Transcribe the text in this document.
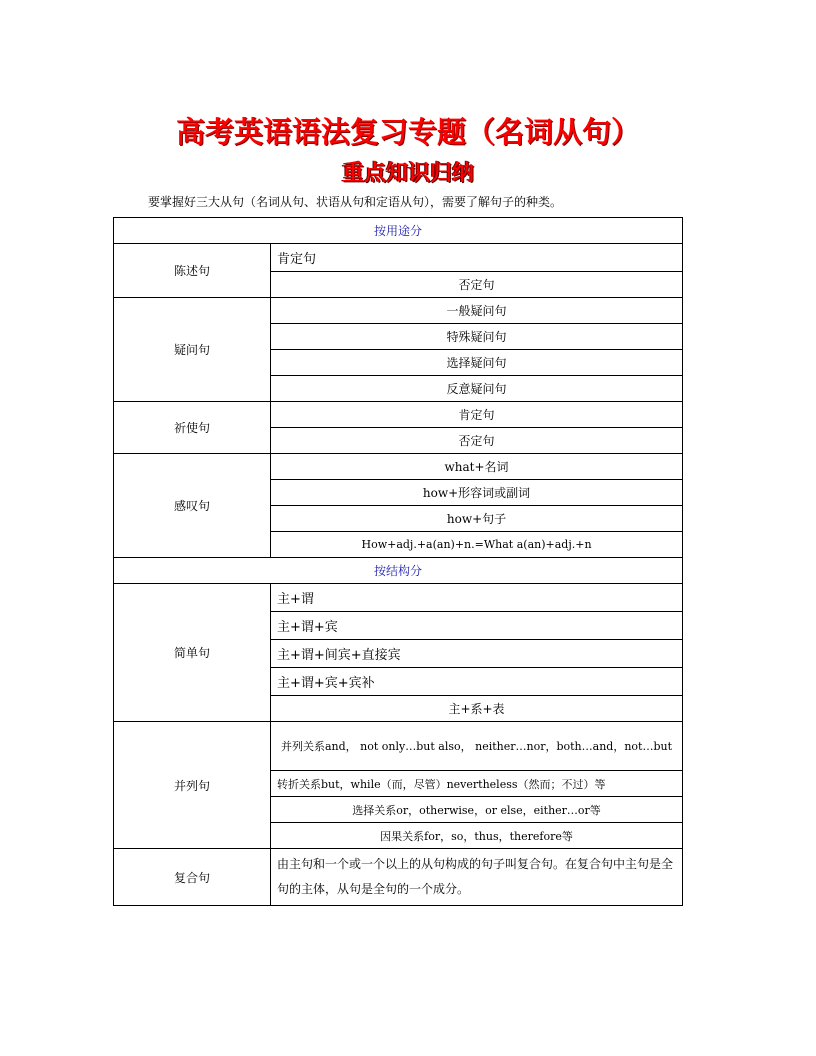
高考英语语法复习专题（名词从句）
重点知识归纳
要掌握好三大从句（名词从句、状语从句和定语从句），需要了解句子的种类。
按用途分	
陈述句	肯定句
	否定句
疑问句	一般疑问句
	特殊疑问句
	选择疑问句
	反意疑问句
祈使句	肯定句
	否定句
感叹句	what+名词
	how+形容词或副词
	how+句子
	How+adj.+a(an)+n.=What a(an)+adj.+n
按结构分	
简单句	主+谓
	主+谓+宾
	主+谓+间宾+直接宾
	主+谓+宾+宾补
	主+系+表
并列句	并列关系and， not only…but also， neither…nor，both…and，not…but
	转折关系but，while（而，尽管）nevertheless（然而；不过）等
	选择关系or，otherwise，or else，either…or等
	因果关系for，so，thus，therefore等
复合句	由主句和一个或一个以上的从句构成的句子叫复合句。在复合句中主句是全句的主体，从句是全句的一个成分。
